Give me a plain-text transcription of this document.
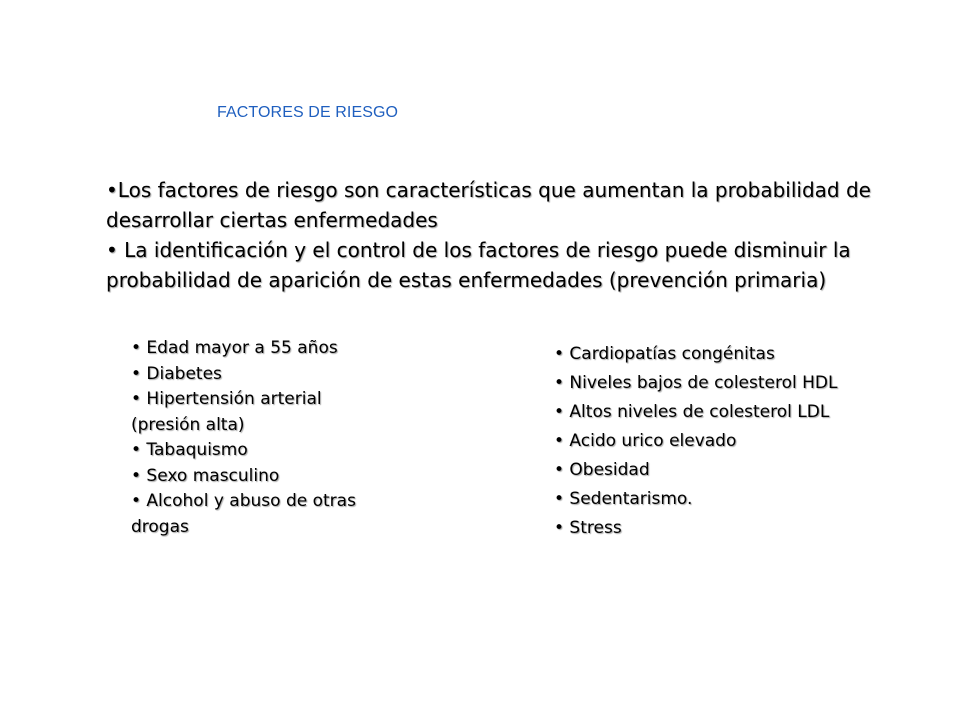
FACTORES DE RIESGO

•Los factores de riesgo son características que aumentan la probabilidad de desarrollar ciertas enfermedades

• La identificación y el control de los factores de riesgo puede disminuir la probabilidad de aparición de estas enfermedades (prevención primaria)

• Edad mayor a 55 años
• Diabetes
• Hipertensión arterial
(presión alta)
• Tabaquismo
• Sexo masculino
• Alcohol y abuso de otras
drogas
• Cardiopatías congénitas
• Niveles bajos de colesterol HDL
• Altos niveles de colesterol LDL
• Acido urico elevado
• Obesidad
• Sedentarismo.
• Stress
